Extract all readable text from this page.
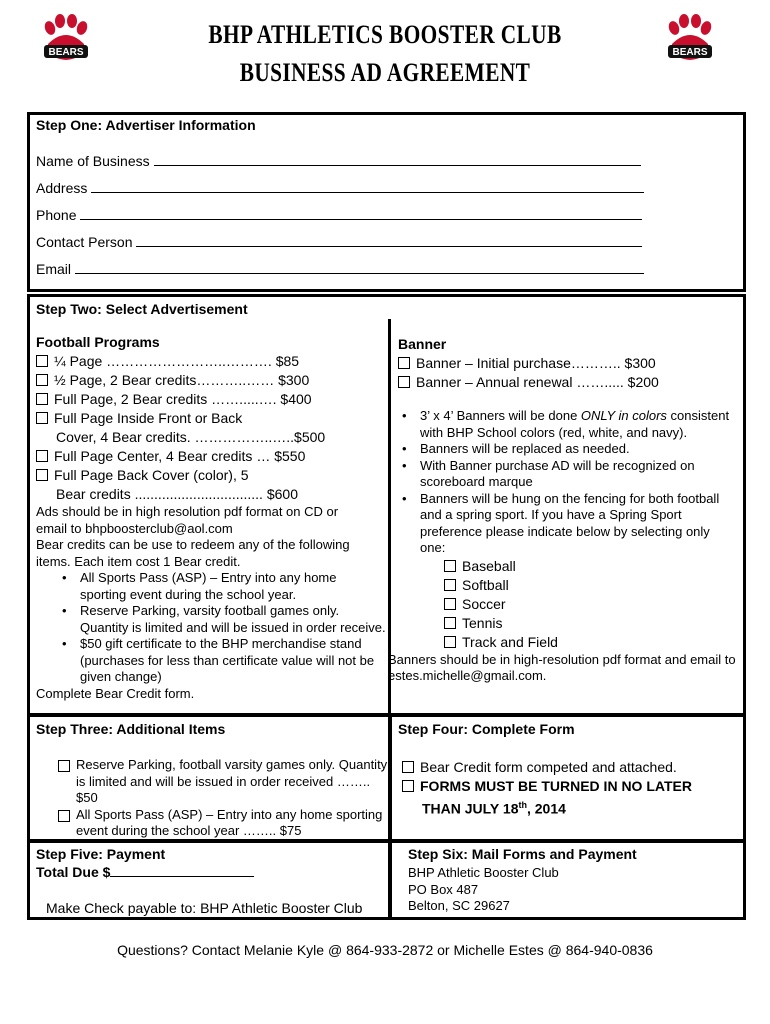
BEARS	BEARS
BHP ATHLETICS BOOSTER CLUB
BUSINESS AD AGREEMENT
Step One: Advertiser Information
Name of Business
Address
Phone
Contact Person
Email
Step Two: Select Advertisement
Football Programs
¼ Page ……………………..………. $85
½ Page, 2 Bear credits………..…… $300
Full Page, 2 Bear credits …….....…. $400
Full Page Inside Front or Back
Cover, 4 Bear credits. ……………..…..$500
Full Page Center, 4 Bear credits … $550
Full Page Back Cover (color), 5
Bear credits ................................. $600
Ads should be in high resolution pdf format on CD or
email to bhpboosterclub@aol.com
Bear credits can be use to redeem any of the following
items. Each item cost 1 Bear credit.
• All Sports Pass (ASP) – Entry into any home sporting event during the school year.
• Reserve Parking, varsity football games only. Quantity is limited and will be issued in order receive.
• $50 gift certificate to the BHP merchandise stand (purchases for less than certificate value will not be given change)
Complete Bear Credit form.
Banner
Banner – Initial purchase……….. $300
Banner – Annual renewal ……..... $200
• 3’ x 4’ Banners will be done ONLY in colors consistent with BHP School colors (red, white, and navy).
• Banners will be replaced as needed.
• With Banner purchase AD will be recognized on scoreboard marque
• Banners will be hung on the fencing for both football and a spring sport. If you have a Spring Sport preference please indicate below by selecting only one:
Baseball
Softball
Soccer
Tennis
Track and Field
Banners should be in high-resolution pdf format and email to estes.michelle@gmail.com.
Step Three: Additional Items
Reserve Parking, football varsity games only. Quantity is limited and will be issued in order received …….. $50
All Sports Pass (ASP) – Entry into any home sporting event during the school year …….. $75
Step Four: Complete Form
Bear Credit form competed and attached.
FORMS MUST BE TURNED IN NO LATER
THAN JULY 18th, 2014
Step Five: Payment
Total Due $
Make Check payable to: BHP Athletic Booster Club
Step Six: Mail Forms and Payment
BHP Athletic Booster Club
PO Box 487
Belton, SC 29627
Questions? Contact Melanie Kyle @ 864-933-2872 or Michelle Estes @ 864-940-0836
